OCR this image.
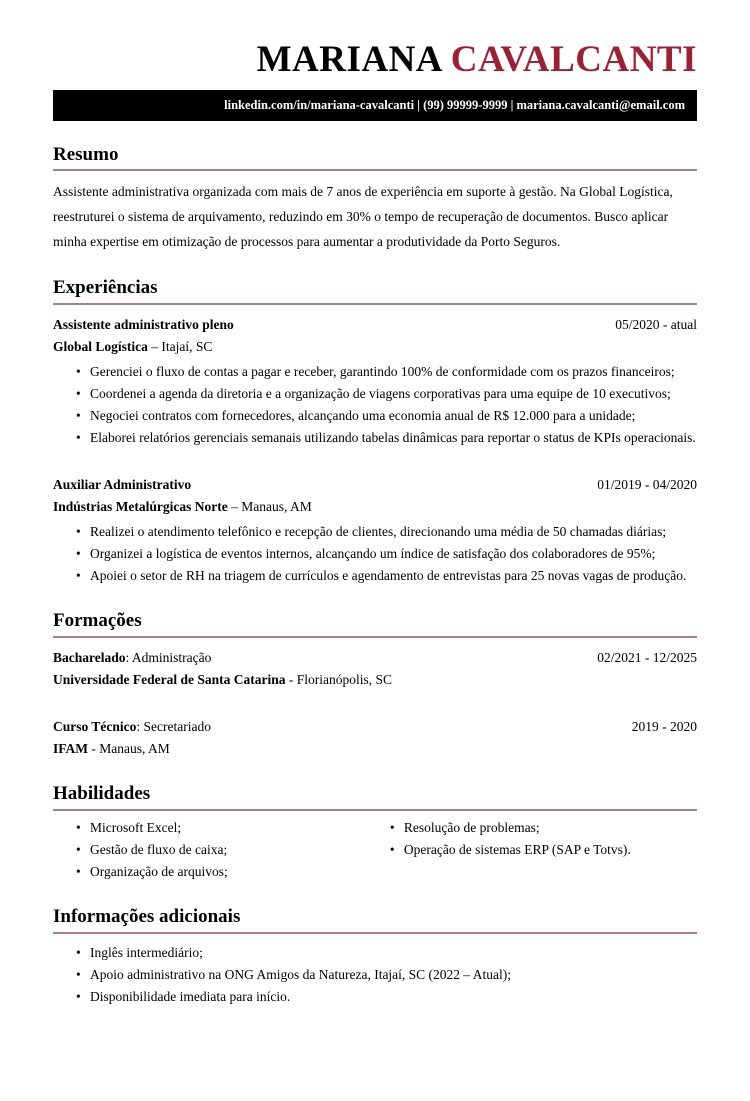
MARIANA CAVALCANTI
linkedin.com/in/mariana-cavalcanti | (99) 99999-9999 | mariana.cavalcanti@email.com
Resumo
Assistente administrativa organizada com mais de 7 anos de experiência em suporte à gestão. Na Global Logística, reestruturei o sistema de arquivamento, reduzindo em 30% o tempo de recuperação de documentos. Busco aplicar minha expertise em otimização de processos para aumentar a produtividade da Porto Seguros.
Experiências
Assistente administrativo pleno	05/2020 - atual
Global Logística – Itajaí, SC
• Gerenciei o fluxo de contas a pagar e receber, garantindo 100% de conformidade com os prazos financeiros;
• Coordenei a agenda da diretoria e a organização de viagens corporativas para uma equipe de 10 executivos;
• Negociei contratos com fornecedores, alcançando uma economia anual de R$ 12.000 para a unidade;
• Elaborei relatórios gerenciais semanais utilizando tabelas dinâmicas para reportar o status de KPIs operacionais.
Auxiliar Administrativo	01/2019 - 04/2020
Indústrias Metalúrgicas Norte – Manaus, AM
• Realizei o atendimento telefônico e recepção de clientes, direcionando uma média de 50 chamadas diárias;
• Organizei a logística de eventos internos, alcançando um índice de satisfação dos colaboradores de 95%;
• Apoiei o setor de RH na triagem de currículos e agendamento de entrevistas para 25 novas vagas de produção.
Formações
Bacharelado: Administração	02/2021 - 12/2025
Universidade Federal de Santa Catarina - Florianópolis, SC
Curso Técnico: Secretariado	2019 - 2020
IFAM - Manaus, AM
Habilidades
• Microsoft Excel;
• Gestão de fluxo de caixa;
• Organização de arquivos;
• Resolução de problemas;
• Operação de sistemas ERP (SAP e Totvs).
Informações adicionais
• Inglês intermediário;
• Apoio administrativo na ONG Amigos da Natureza, Itajaí, SC (2022 – Atual);
• Disponibilidade imediata para início.
